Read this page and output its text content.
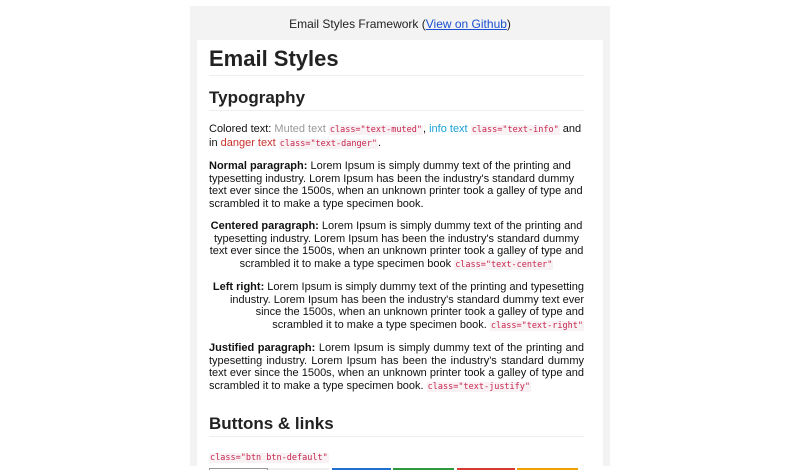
Email Styles Framework (View on Github)
Email Styles
Typography

Colored text: Muted text class="text-muted", info text class="text-info" and in danger text class="text-danger".

Normal paragraph: Lorem Ipsum is simply dummy text of the printing and typesetting industry. Lorem Ipsum has been the industry's standard dummy text ever since the 1500s, when an unknown printer took a galley of type and scrambled it to make a type specimen book.

Centered paragraph: Lorem Ipsum is simply dummy text of the printing and typesetting industry. Lorem Ipsum has been the industry's standard dummy text ever since the 1500s, when an unknown printer took a galley of type and scrambled it to make a type specimen book class="text-center"

Left right: Lorem Ipsum is simply dummy text of the printing and typesetting industry. Lorem Ipsum has been the industry's standard dummy text ever since the 1500s, when an unknown printer took a galley of type and scrambled it to make a type specimen book. class="text-right"

Justified paragraph: Lorem Ipsum is simply dummy text of the printing and typesetting industry. Lorem Ipsum has been the industry's standard dummy text ever since the 1500s, when an unknown printer took a galley of type and scrambled it to make a type specimen book. class="text-justify"

Buttons & links
class="btn btn-default"
